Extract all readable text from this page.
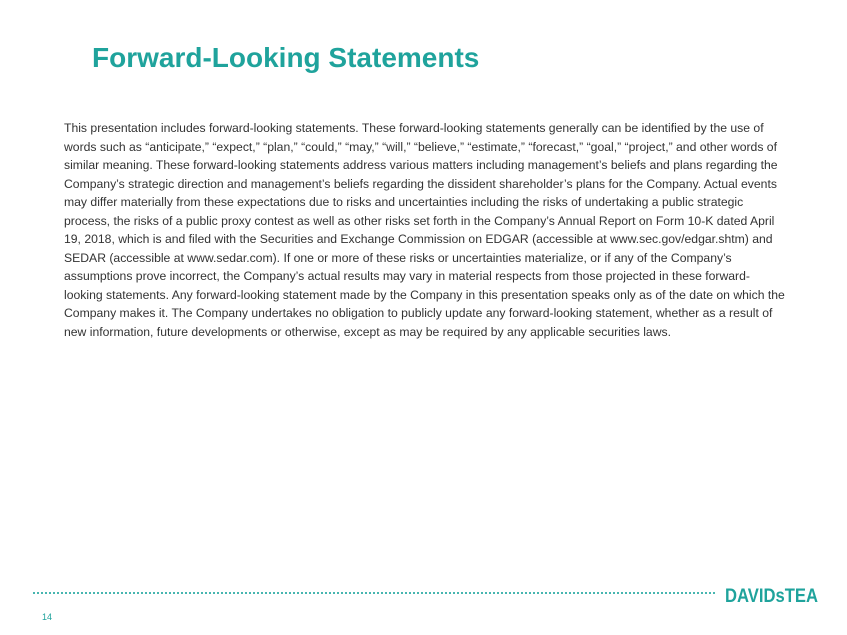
Forward-Looking Statements

This presentation includes forward-looking statements. These forward-looking statements generally can be identified by the use of words such as “anticipate,” “expect,” “plan,” “could,” “may,” “will,” “believe,” “estimate,” “forecast,” “goal,” “project,” and other words of similar meaning. These forward-looking statements address various matters including management’s beliefs and plans regarding the Company’s strategic direction and management’s beliefs regarding the dissident shareholder’s plans for the Company. Actual events may differ materially from these expectations due to risks and uncertainties including the risks of undertaking a public strategic process, the risks of a public proxy contest as well as other risks set forth in the Company’s Annual Report on Form 10-K dated April 19, 2018, which is and filed with the Securities and Exchange Commission on EDGAR (accessible at www.sec.gov/edgar.shtm) and SEDAR (accessible at www.sedar.com). If one or more of these risks or uncertainties materialize, or if any of the Company’s assumptions prove incorrect, the Company’s actual results may vary in material respects from those projected in these forward-looking statements. Any forward-looking statement made by the Company in this presentation speaks only as of the date on which the Company makes it. The Company undertakes no obligation to publicly update any forward-looking statement, whether as a result of new information, future developments or otherwise, except as may be required by any applicable securities laws.

DAVIDsTEA
14
